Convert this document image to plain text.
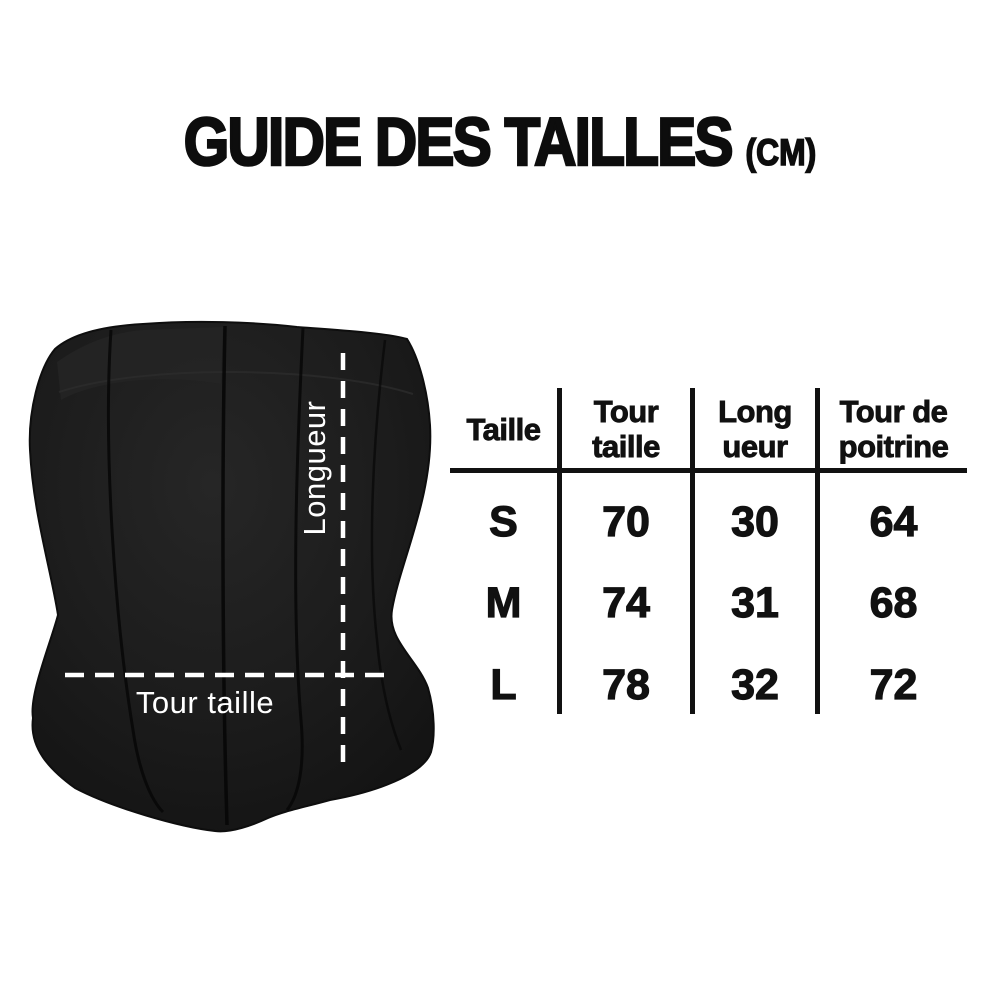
GUIDE DES TAILLES (CM)
Longueur
Tour taille
Taille Tour
taille
Long
ueur
Tour de
poitrine
S 70 30 64
M 74 31 68
L 78 32 72
